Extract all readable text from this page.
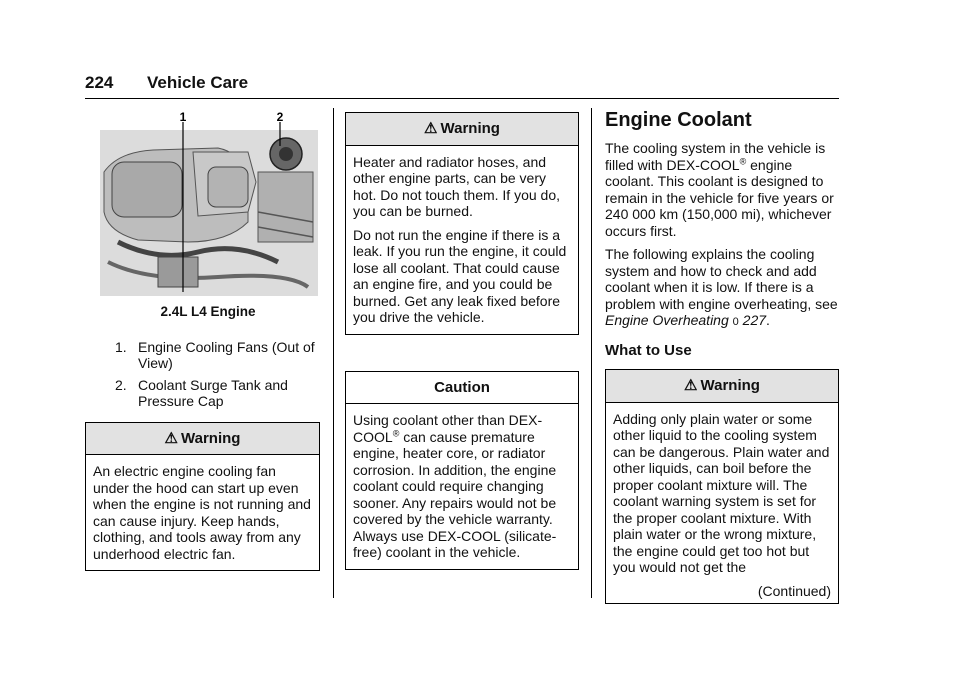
224 Vehicle Care
1	2
2.4L L4 Engine
1. Engine Cooling Fans (Out of View)
2. Coolant Surge Tank and Pressure Cap
⚠ Warning

An electric engine cooling fan under the hood can start up even when the engine is not running and can cause injury. Keep hands, clothing, and tools away from any underhood electric fan.

⚠ Warning

Heater and radiator hoses, and other engine parts, can be very hot. Do not touch them. If you do, you can be burned.

Do not run the engine if there is a leak. If you run the engine, it could lose all coolant. That could cause an engine fire, and you could be burned. Get any leak fixed before you drive the vehicle.

Caution

Using coolant other than DEX-COOL® can cause premature engine, heater core, or radiator corrosion. In addition, the engine coolant could require changing sooner. Any repairs would not be covered by the vehicle warranty. Always use DEX-COOL (silicate-free) coolant in the vehicle.

Engine Coolant

The cooling system in the vehicle is filled with DEX-COOL® engine coolant. This coolant is designed to remain in the vehicle for five years or 240 000 km (150,000 mi), whichever occurs first.

The following explains the cooling system and how to check and add coolant when it is low. If there is a problem with engine overheating, see Engine Overheating 0 227.

What to Use
⚠ Warning

Adding only plain water or some other liquid to the cooling system can be dangerous. Plain water and other liquids, can boil before the proper coolant mixture will. The coolant warning system is set for the proper coolant mixture. With plain water or the wrong mixture, the engine could get too hot but you would not get the

(Continued)
